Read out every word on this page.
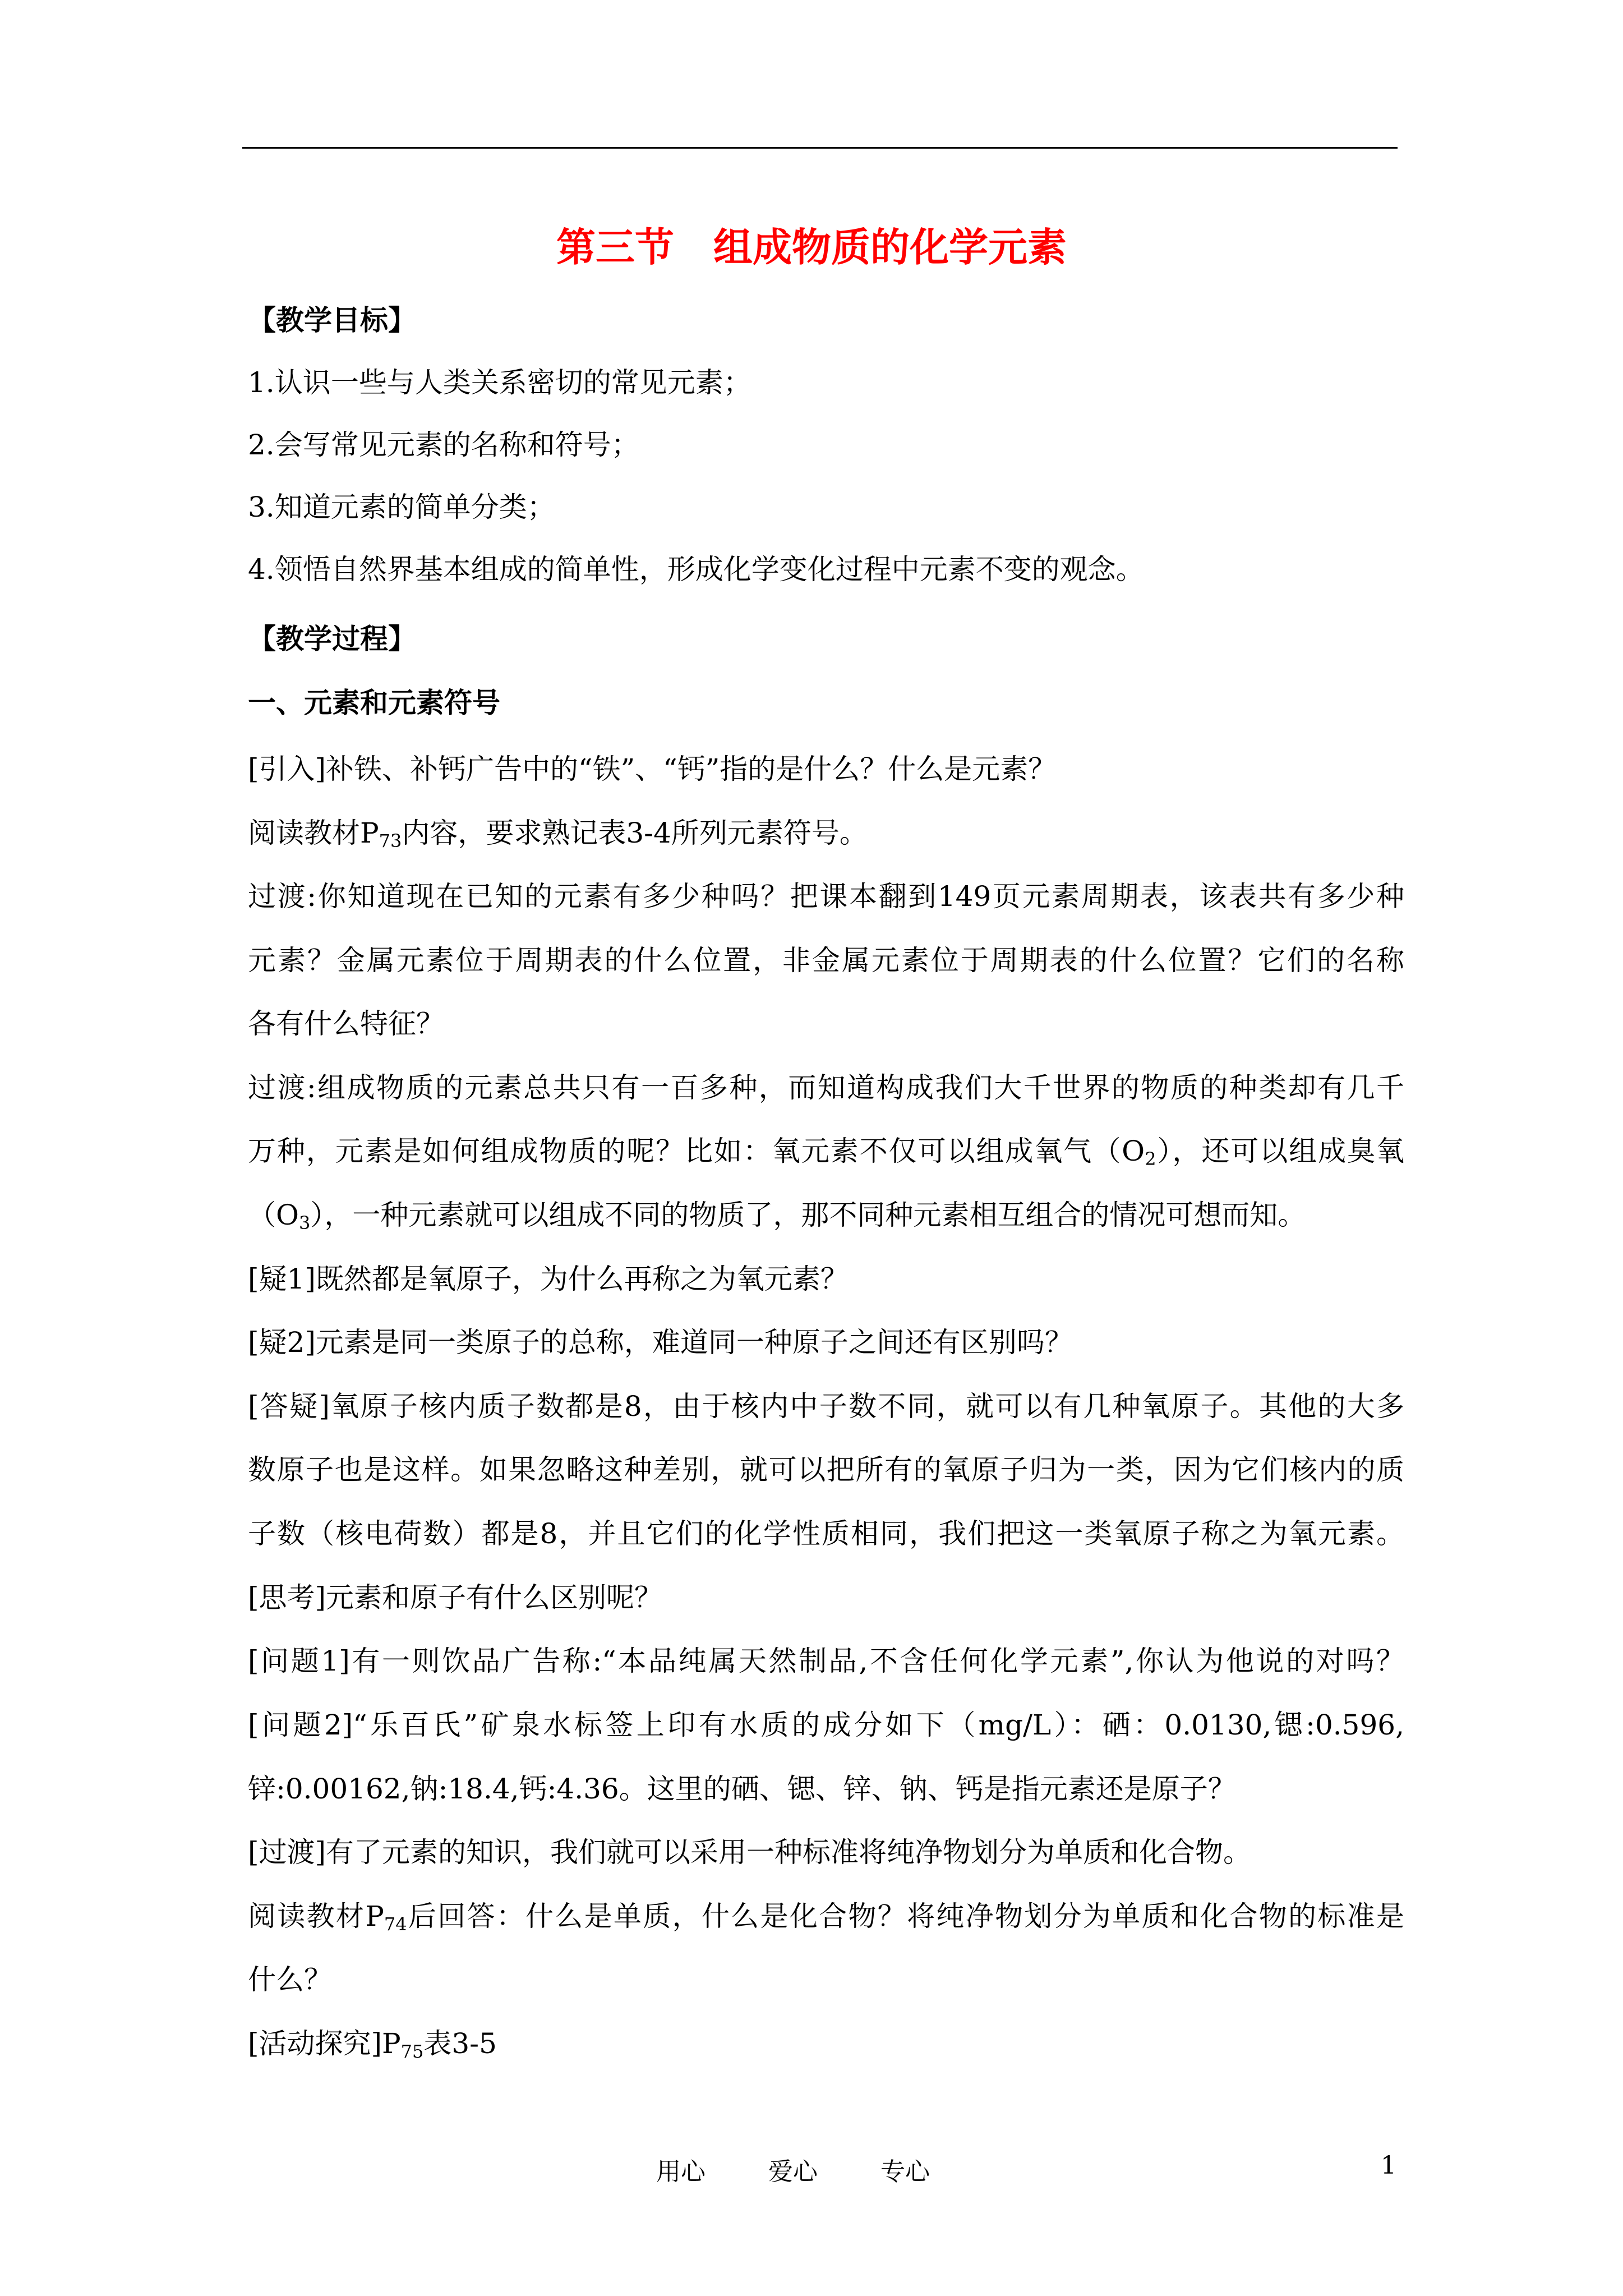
第三节　组成物质的化学元素
【教学目标】
1.认识一些与人类关系密切的常见元素；
2.会写常见元素的名称和符号；
3.知道元素的简单分类；
4.领悟自然界基本组成的简单性，形成化学变化过程中元素不变的观念。
【教学过程】
一、元素和元素符号
[引入]补铁、补钙广告中的“铁”、“钙”指的是什么？什么是元素？
阅读教材$P_{73}$内容，要求熟记表3-4所列元素符号。
过渡:你知道现在已知的元素有多少种吗？把课本翻到149页元素周期表，该表共有多少种
元素？金属元素位于周期表的什么位置，非金属元素位于周期表的什么位置？它们的名称
各有什么特征？
过渡:组成物质的元素总共只有一百多种，而知道构成我们大千世界的物质的种类却有几千
万种，元素是如何组成物质的呢？比如：氧元素不仅可以组成氧气$(O_2)$，还可以组成臭氧
$(O_3)$，一种元素就可以组成不同的物质了，那不同种元素相互组合的情况可想而知。
[疑1]既然都是氧原子，为什么再称之为氧元素？
[疑2]元素是同一类原子的总称，难道同一种原子之间还有区别吗？
[答疑]氧原子核内质子数都是8，由于核内中子数不同，就可以有几种氧原子。其他的大多
数原子也是这样。如果忽略这种差别，就可以把所有的氧原子归为一类，因为它们核内的质
子数（核电荷数）都是8，并且它们的化学性质相同，我们把这一类氧原子称之为氧元素。
[思考]元素和原子有什么区别呢？
[问题1]有一则饮品广告称:“本品纯属天然制品,不含任何化学元素”,你认为他说的对吗？
[问题2]“乐百氏”矿泉水标签上印有水质的成分如下（mg/L）：硒：0.0130,锶:0.596,
锌:0.00162,钠:18.4,钙:4.36。这里的硒、锶、锌、钠、钙是指元素还是原子？
[过渡]有了元素的知识，我们就可以采用一种标准将纯净物划分为单质和化合物。
阅读教材$P_{74}$后回答：什么是单质，什么是化合物？将纯净物划分为单质和化合物的标准是
什么？
[活动探究]$P_{75}$表3-5
用心	爱心	专心	1
